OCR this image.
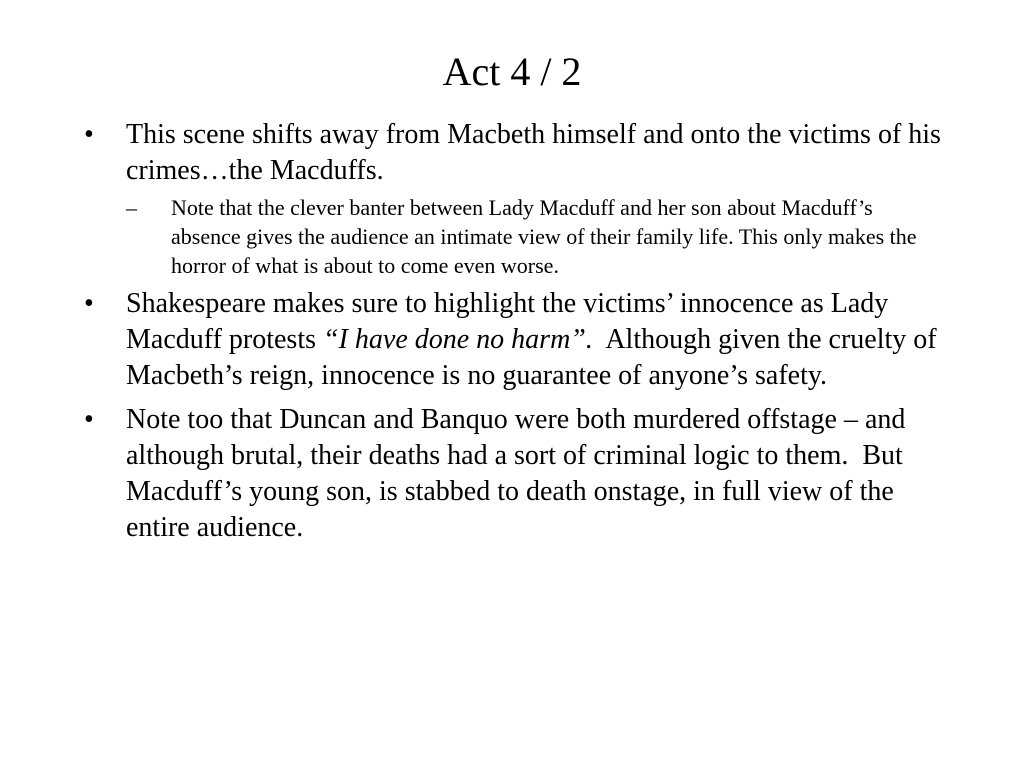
Act 4 / 2
•	This scene shifts away from Macbeth himself and onto the victims of his crimes…the Macduffs.
–	Note that the clever banter between Lady Macduff and her son about Macduff’s absence gives the audience an intimate view of their family life. This only makes the horror of what is about to come even worse.
•	Shakespeare makes sure to highlight the victims’ innocence as Lady Macduff protests “I have done no harm”.  Although given the cruelty of Macbeth’s reign, innocence is no guarantee of anyone’s safety.
•	Note too that Duncan and Banquo were both murdered offstage – and although brutal, their deaths had a sort of criminal logic to them.  But Macduff’s young son, is stabbed to death onstage, in full view of the entire audience.
